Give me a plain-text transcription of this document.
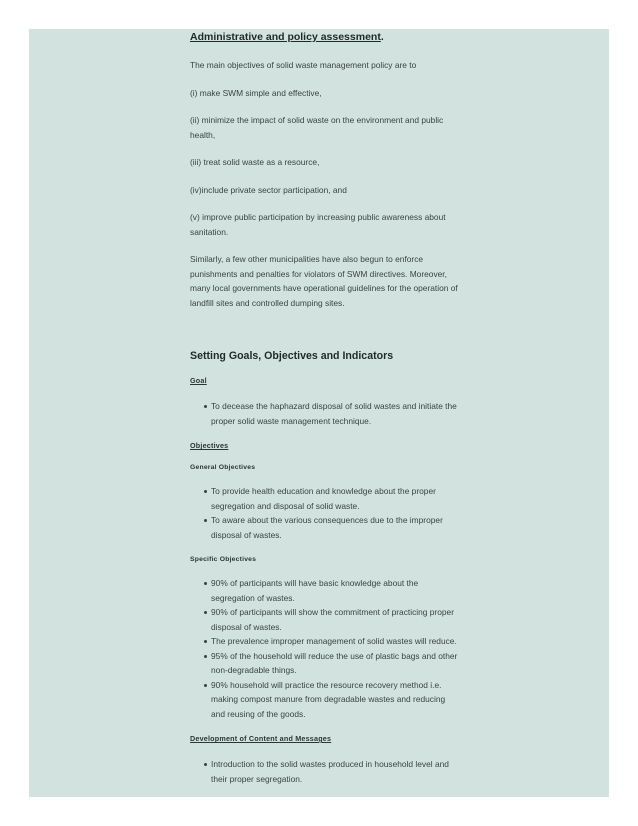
Administrative and policy assessment.

The main objectives of solid waste management policy are to

(i) make SWM simple and effective,

(ii) minimize the impact of solid waste on the environment and public health,

(iii) treat solid waste as a resource,

(iv)include private sector participation, and

(v) improve public participation by increasing public awareness about sanitation.

Similarly, a few other municipalities have also begun to enforce punishments and penalties for violators of SWM directives. Moreover, many local governments have operational guidelines for the operation of landfill sites and controlled dumping sites.

Setting Goals, Objectives and Indicators
Goal
To decease the haphazard disposal of solid wastes and initiate the proper solid waste management technique.
Objectives
General Objectives
To provide health education and knowledge about the proper segregation and disposal of solid waste.
To aware about the various consequences due to the improper disposal of wastes.
Specific Objectives
90% of participants will have basic knowledge about the segregation of wastes.
90% of participants will show the commitment of practicing proper disposal of wastes.
The prevalence improper management of solid wastes will reduce.
95% of the household will reduce the use of plastic bags and other non-degradable things.
90% household will practice the resource recovery method i.e. making compost manure from degradable wastes and reducing and reusing of the goods.
Development of Content and Messages
Introduction to the solid wastes produced in household level and their proper segregation.
